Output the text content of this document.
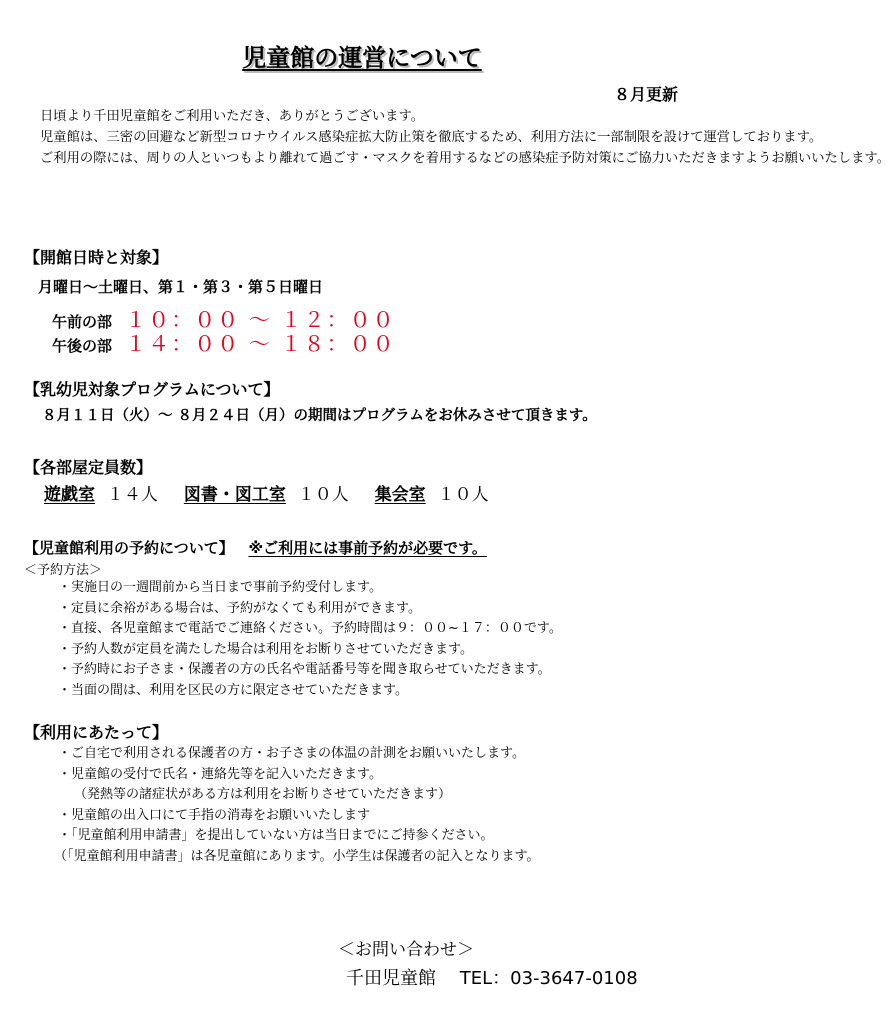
児童館の運営について
８月更新

日頃より千田児童館をご利用いただき、ありがとうございます。

児童館は、三密の回避など新型コロナウイルス感染症拡大防止策を徹底するため、利用方法に一部制限を設けて運営しております。

ご利用の際には、周りの人といつもより離れて過ごす・マスクを着用するなどの感染症予防対策にご協力いただきますようお願いいたします。

【開館日時と対象】
月曜日～土曜日、第１・第３・第５日曜日
午前の部 １０：００ ～ １２：００
午後の部 １４：００ ～ １８：００
【乳幼児対象プログラムについて】
８月１１日（火）～ ８月２４日（月）の期間はプログラムをお休みさせて頂きます。
【各部屋定員数】
遊戯室 １４人 図書・図工室 １０人 集会室 １０人
【児童館利用の予約について】 ※ご利用には事前予約が必要です。
＜予約方法＞
・実施日の一週間前から当日まで事前予約受付します。
・定員に余裕がある場合は、予約がなくても利用ができます。
・直接、各児童館まで電話でご連絡ください。予約時間は９：００~１７：００です。
・予約人数が定員を満たした場合は利用をお断りさせていただきます。
・予約時にお子さま・保護者の方の氏名や電話番号等を聞き取らせていただきます。
・当面の間は、利用を区民の方に限定させていただきます。
【利用にあたって】
・ご自宅で利用される保護者の方・お子さまの体温の計測をお願いいたします。
・児童館の受付で氏名・連絡先等を記入いただきます。
（発熱等の諸症状がある方は利用をお断りさせていただきます）
・児童館の出入口にて手指の消毒をお願いいたします
・「児童館利用申請書」を提出していない方は当日までにご持参ください。
（「児童館利用申請書」は各児童館にあります。小学生は保護者の記入となります。
＜お問い合わせ＞
千田児童館 TEL：03-3647-0108
